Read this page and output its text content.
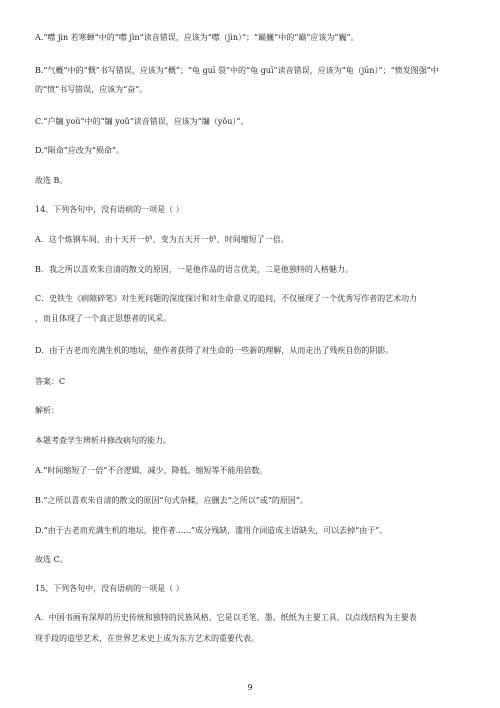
A.“噤 jìn 若寒蝉”中的“噤 jìn”读音错误，应该为“噤（jìn）”；“巅巍”中的“巅”应该为“巍”。
B.“气概”中的“慨”书写错误，应该为“概”；“龟 guī 裂”中的“龟 guī”读音错误，应该为“龟（jūn）”；“愤发图强”中
的“愤”书写错误，应该为“奋”。
C.“户牖 yoǔ”中的“牖 yoǔ”读音错误，应该为“牖（yǒu）”。
D.“陨命”应改为“殒命”。
故选 B。
14、下列各句中，没有语病的一项是（ ）
A．这个炼钢车间，由十天开一炉，变为五天开一炉，时间缩短了一倍。
B．我之所以喜欢朱自清的散文的原因，一是他作品的语言优美，二是他独特的人格魅力。
C．史铁生《病隙碎笔》对生死问题的深度探讨和对生命意义的追问，不仅展现了一个优秀写作者的艺术功力
，而且体现了一个真正思想者的风采。
D．由于古老而充满生机的地坛，使作者获得了对生命的一些新的理解，从而走出了残疾自伤的阴影。
答案：C
解析：
本题考查学生辨析并修改病句的能力。
A.“时间缩短了一倍”不合逻辑，减少、降低、缩短等不能用倍数。
B.“之所以喜欢朱自清的散文的原因”句式杂糅，应删去“之所以”或“的原因”。
D.“由于古老而充满生机的地坛，使作者......”成分残缺，滥用介词造成主语缺失，可以去掉“由于”。
故选 C。
15、下列各句中，没有语病的一项是（ ）
A．中国书画有深厚的历史传统和独特的民族风格，它是以毛笔、墨、纸纸为主要工具，以点线结构为主要表
现手段的造型艺术，在世界艺术史上成为东方艺术的重要代表。
9
